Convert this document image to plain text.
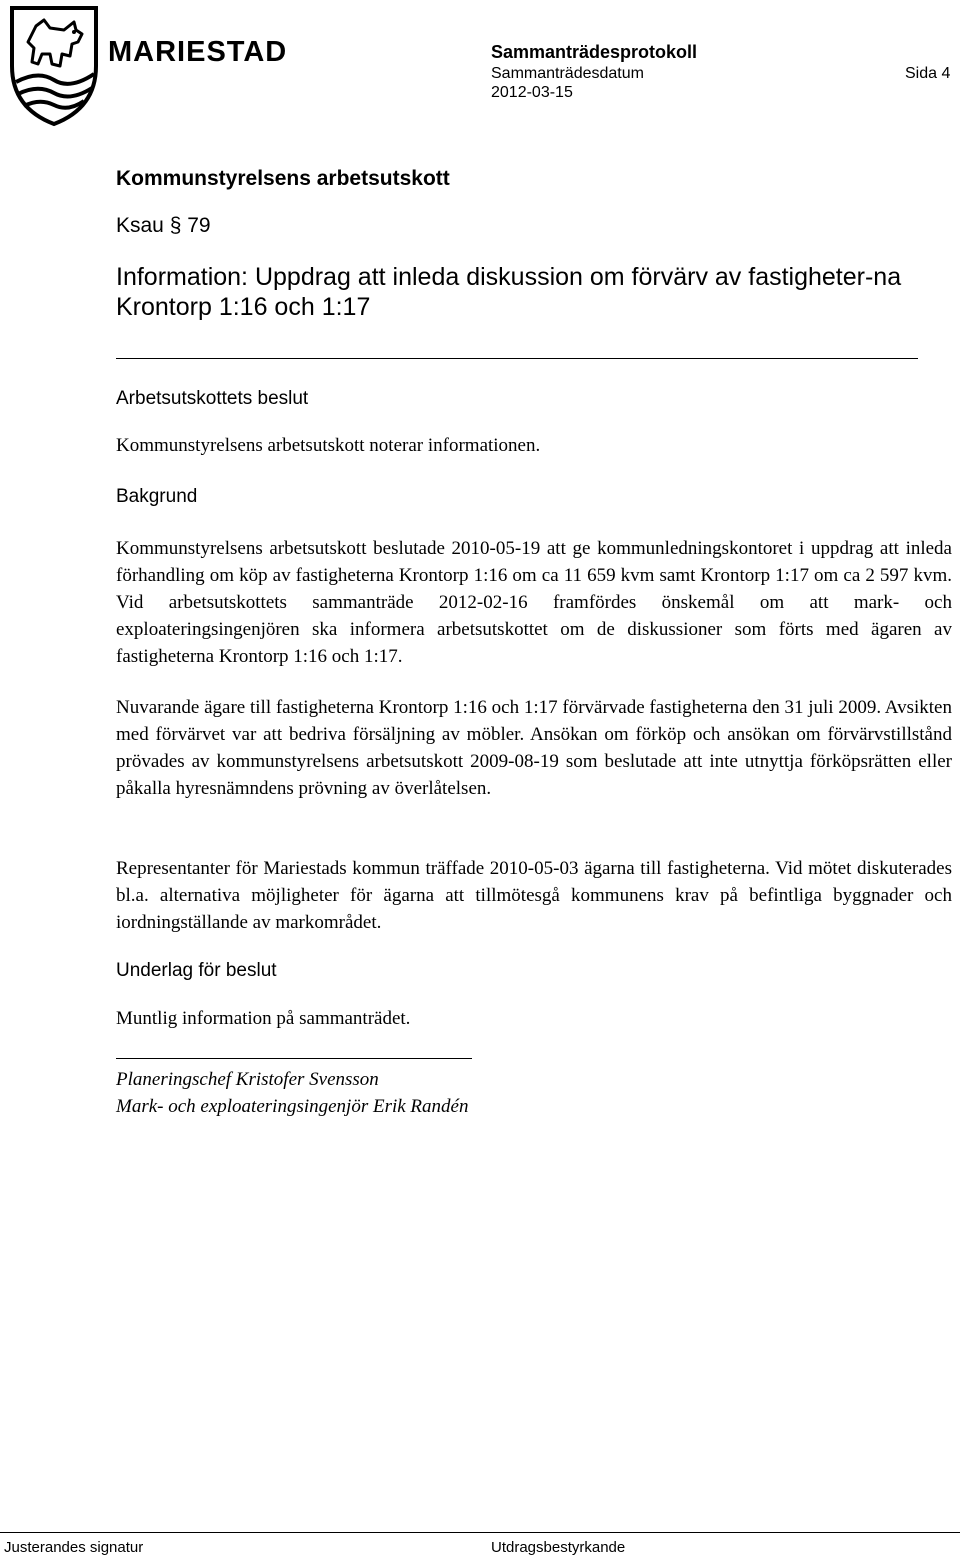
MARIESTAD	Sammanträdesprotokoll
Sammanträdesdatum
2012-03-15
Sida 4
Kommunstyrelsens arbetsutskott
Ksau § 79
Information: Uppdrag att inleda diskussion om förvärv av fastigheter-na Krontorp 1:16 och 1:17
Arbetsutskottets beslut
Kommunstyrelsens arbetsutskott noterar informationen.
Bakgrund
Kommunstyrelsens arbetsutskott beslutade 2010-05-19 att ge kommunledningskontoret i uppdrag att inleda förhandling om köp av fastigheterna Krontorp 1:16 om ca 11 659 kvm samt Krontorp 1:17 om ca 2 597 kvm. Vid arbetsutskottets sammanträde 2012-02-16 framfördes önskemål om att mark- och exploateringsingenjören ska informera arbetsutskottet om de diskussioner som förts med ägaren av fastigheterna Krontorp 1:16 och 1:17.
Nuvarande ägare till fastigheterna Krontorp 1:16 och 1:17 förvärvade fastigheterna den 31 juli 2009. Avsikten med förvärvet var att bedriva försäljning av möbler. Ansökan om förköp och ansökan om förvärvstillstånd prövades av kommunstyrelsens arbetsutskott 2009-08-19 som beslutade att inte utnyttja förköpsrätten eller påkalla hyresnämndens prövning av överlåtelsen.
Representanter för Mariestads kommun träffade 2010-05-03 ägarna till fastigheterna. Vid mötet diskuterades bl.a. alternativa möjligheter för ägarna att tillmötesgå kommunens krav på befintliga byggnader och iordningställande av markområdet.
Underlag för beslut
Muntlig information på sammanträdet.
Planeringschef Kristofer Svensson
Mark- och exploateringsingenjör Erik Randén
Justerandes signatur	Utdragsbestyrkande
